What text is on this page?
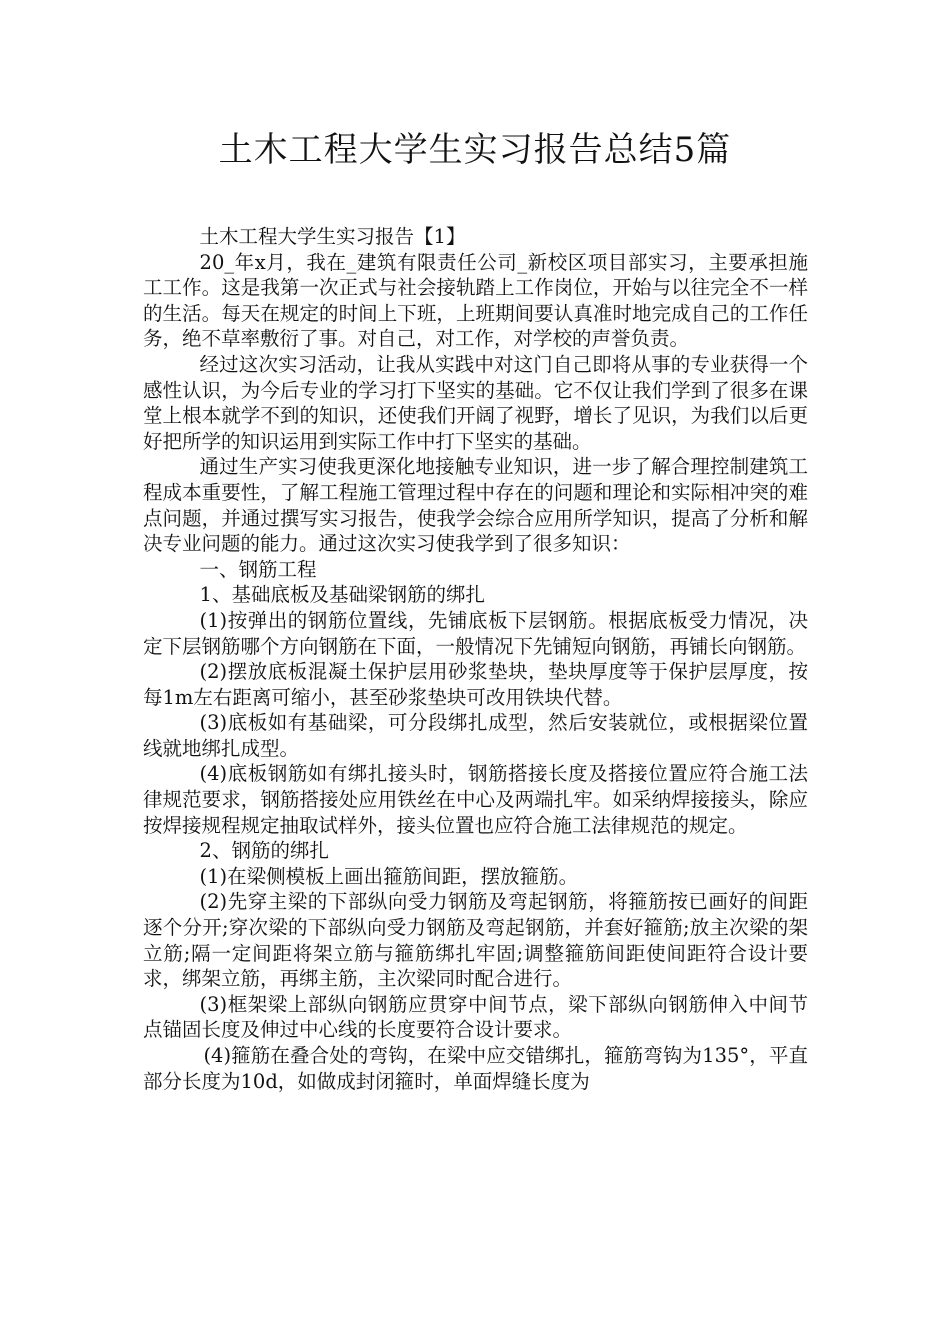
土木工程大学生实习报告总结5篇

土木工程大学生实习报告【1】

20_年x月，我在_建筑有限责任公司_新校区项目部实习，主要承担施工工作。这是我第一次正式与社会接轨踏上工作岗位，开始与以往完全不一样的生活。每天在规定的时间上下班，上班期间要认真准时地完成自己的工作任务，绝不草率敷衍了事。对自己，对工作，对学校的声誉负责。

经过这次实习活动，让我从实践中对这门自己即将从事的专业获得一个感性认识，为今后专业的学习打下坚实的基础。它不仅让我们学到了很多在课堂上根本就学不到的知识，还使我们开阔了视野，增长了见识，为我们以后更好把所学的知识运用到实际工作中打下坚实的基础。

通过生产实习使我更深化地接触专业知识，进一步了解合理控制建筑工程成本重要性，了解工程施工管理过程中存在的问题和理论和实际相冲突的难点问题，并通过撰写实习报告，使我学会综合应用所学知识，提高了分析和解决专业问题的能力。通过这次实习使我学到了很多知识：

一、钢筋工程

1、基础底板及基础梁钢筋的绑扎

(1)按弹出的钢筋位置线，先铺底板下层钢筋。根据底板受力情况，决定下层钢筋哪个方向钢筋在下面，一般情况下先铺短向钢筋，再铺长向钢筋。

(2)摆放底板混凝土保护层用砂浆垫块，垫块厚度等于保护层厚度，按每1m左右距离可缩小，甚至砂浆垫块可改用铁块代替。

(3)底板如有基础梁，可分段绑扎成型，然后安装就位，或根据梁位置线就地绑扎成型。

(4)底板钢筋如有绑扎接头时，钢筋搭接长度及搭接位置应符合施工法律规范要求，钢筋搭接处应用铁丝在中心及两端扎牢。如采纳焊接接头，除应按焊接规程规定抽取试样外，接头位置也应符合施工法律规范的规定。

2、钢筋的绑扎

(1)在梁侧模板上画出箍筋间距，摆放箍筋。

(2)先穿主梁的下部纵向受力钢筋及弯起钢筋，将箍筋按已画好的间距逐个分开;穿次梁的下部纵向受力钢筋及弯起钢筋，并套好箍筋;放主次梁的架立筋;隔一定间距将架立筋与箍筋绑扎牢固;调整箍筋间距使间距符合设计要求，绑架立筋，再绑主筋，主次梁同时配合进行。

(3)框架梁上部纵向钢筋应贯穿中间节点，梁下部纵向钢筋伸入中间节点锚固长度及伸过中心线的长度要符合设计要求。

(4)箍筋在叠合处的弯钩，在梁中应交错绑扎，箍筋弯钩为135°，平直部分长度为10d，如做成封闭箍时，单面焊缝长度为
